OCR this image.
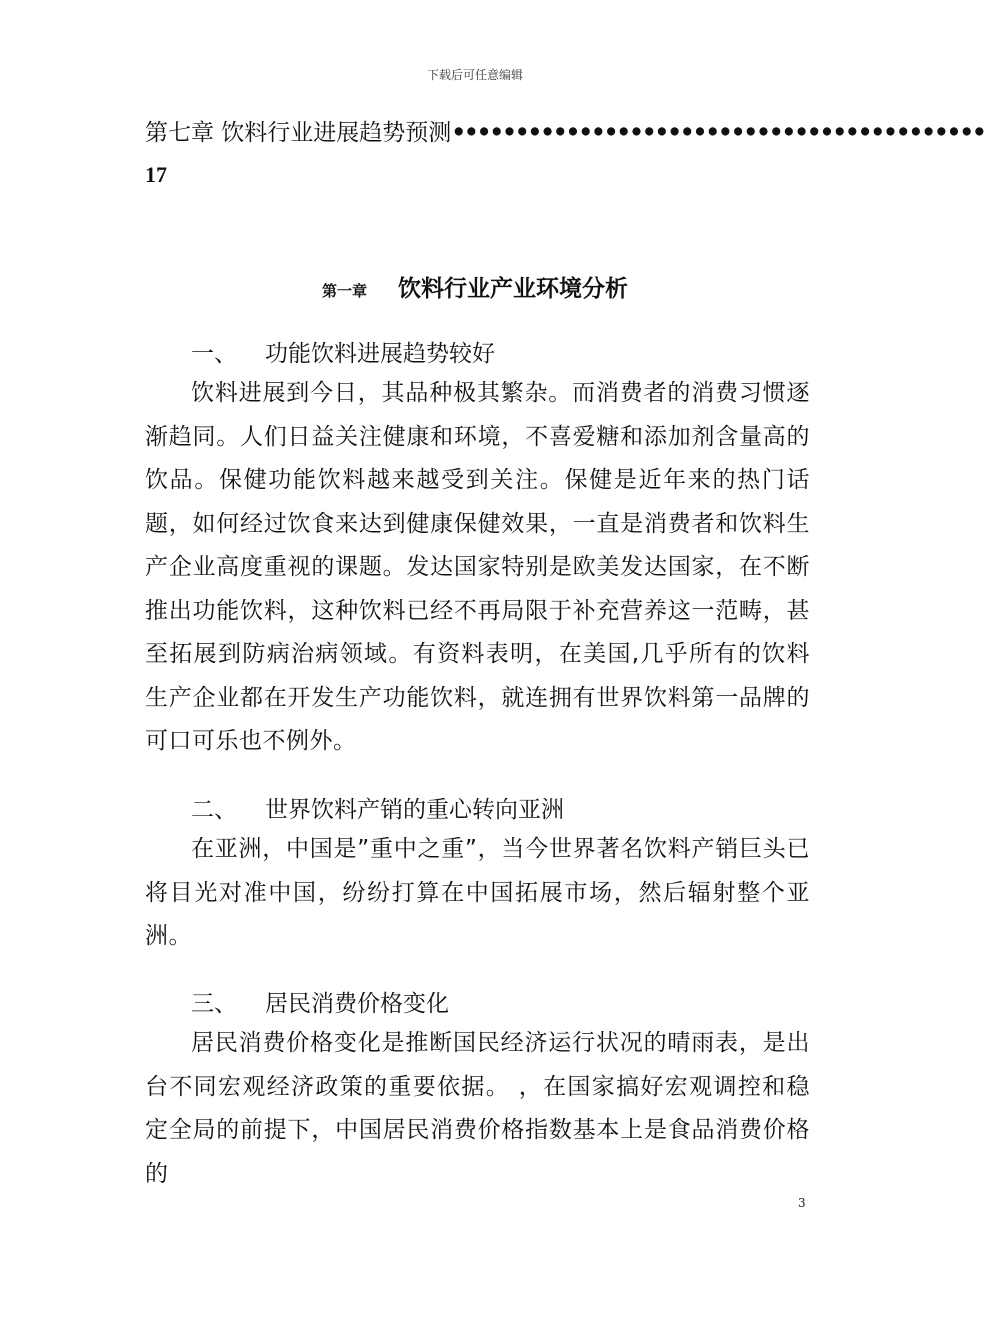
下载后可任意编辑
第七章 饮料行业进展趋势预测••••••••••••••••••••••••••••••••••••••••••
17
第一章 饮料行业产业环境分析

一、 功能饮料进展趋势较好

饮料进展到今日，其品种极其繁杂。而消费者的消费习惯逐渐趋同。人们日益关注健康和环境，不喜爱糖和添加剂含量高的饮品。保健功能饮料越来越受到关注。保健是近年来的热门话题，如何经过饮食来达到健康保健效果，一直是消费者和饮料生产企业高度重视的课题。发达国家特别是欧美发达国家，在不断推出功能饮料，这种饮料已经不再局限于补充营养这一范畴，甚至拓展到防病治病领域。有资料表明，在美国,几乎所有的饮料生产企业都在开发生产功能饮料，就连拥有世界饮料第一品牌的可口可乐也不例外。

二、 世界饮料产销的重心转向亚洲

在亚洲，中国是”重中之重”，当今世界著名饮料产销巨头已将目光对准中国，纷纷打算在中国拓展市场，然后辐射整个亚洲。

三、 居民消费价格变化

居民消费价格变化是推断国民经济运行状况的晴雨表，是出台不同宏观经济政策的重要依据。 ，在国家搞好宏观调控和稳定全局的前提下，中国居民消费价格指数基本上是食品消费价格的

3
